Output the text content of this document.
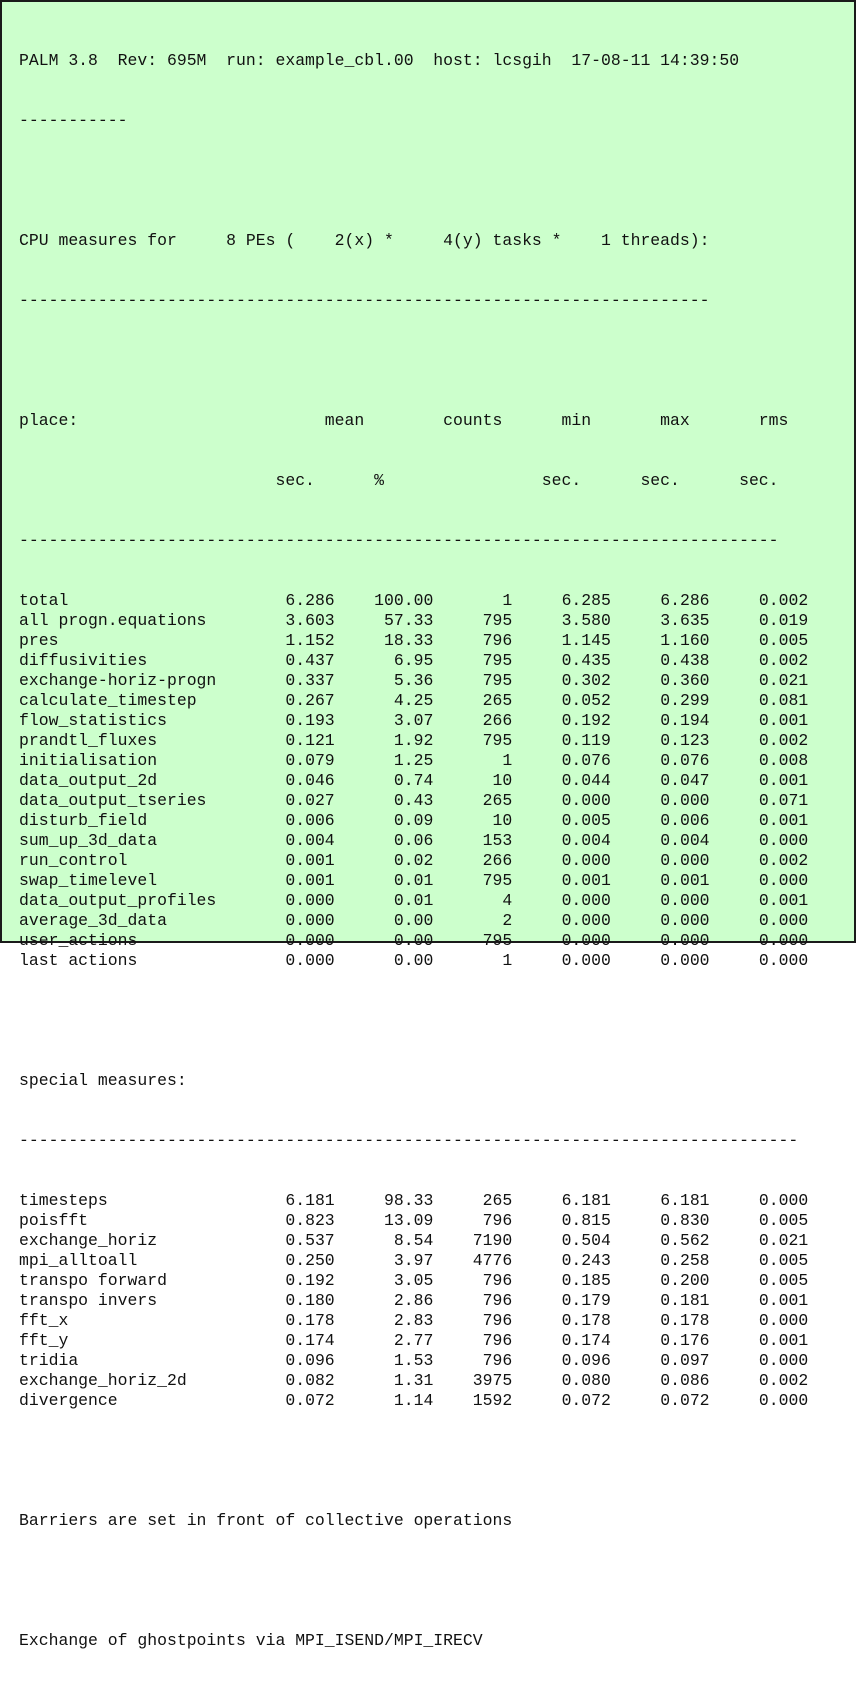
PALM 3.8  Rev: 695M  run: example_cbl.00  host: lcsgih  17-08-11 14:39:50

-----------

CPU measures for     8 PEs (    2(x) *     4(y) tasks *    1 threads):

----------------------------------------------------------------------

place:                         mean        counts      min       max       rms

sec.      %                sec.      sec.      sec.

-----------------------------------------------------------------------------

total                      6.286    100.00       1     6.285     6.286     0.002
all progn.equations        3.603     57.33     795     3.580     3.635     0.019
pres                       1.152     18.33     796     1.145     1.160     0.005
diffusivities              0.437      6.95     795     0.435     0.438     0.002
exchange-horiz-progn       0.337      5.36     795     0.302     0.360     0.021
calculate_timestep         0.267      4.25     265     0.052     0.299     0.081
flow_statistics            0.193      3.07     266     0.192     0.194     0.001
prandtl_fluxes             0.121      1.92     795     0.119     0.123     0.002
initialisation             0.079      1.25       1     0.076     0.076     0.008
data_output_2d             0.046      0.74      10     0.044     0.047     0.001
data_output_tseries        0.027      0.43     265     0.000     0.000     0.071
disturb_field              0.006      0.09      10     0.005     0.006     0.001
sum_up_3d_data             0.004      0.06     153     0.004     0.004     0.000
run_control                0.001      0.02     266     0.000     0.000     0.002
swap_timelevel             0.001      0.01     795     0.001     0.001     0.000
data_output_profiles       0.000      0.01       4     0.000     0.000     0.001
average_3d_data            0.000      0.00       2     0.000     0.000     0.000
user_actions               0.000      0.00     795     0.000     0.000     0.000
last actions               0.000      0.00       1     0.000     0.000     0.000

special measures:

-------------------------------------------------------------------------------

timesteps                  6.181     98.33     265     6.181     6.181     0.000
poisfft                    0.823     13.09     796     0.815     0.830     0.005
exchange_horiz             0.537      8.54    7190     0.504     0.562     0.021
mpi_alltoall               0.250      3.97    4776     0.243     0.258     0.005
transpo forward            0.192      3.05     796     0.185     0.200     0.005
transpo invers             0.180      2.86     796     0.179     0.181     0.001
fft_x                      0.178      2.83     796     0.178     0.178     0.000
fft_y                      0.174      2.77     796     0.174     0.176     0.001
tridia                     0.096      1.53     796     0.096     0.097     0.000
exchange_horiz_2d          0.082      1.31    3975     0.080     0.086     0.002
divergence                 0.072      1.14    1592     0.072     0.072     0.000

Barriers are set in front of collective operations

Exchange of ghostpoints via MPI_ISEND/MPI_IRECV
